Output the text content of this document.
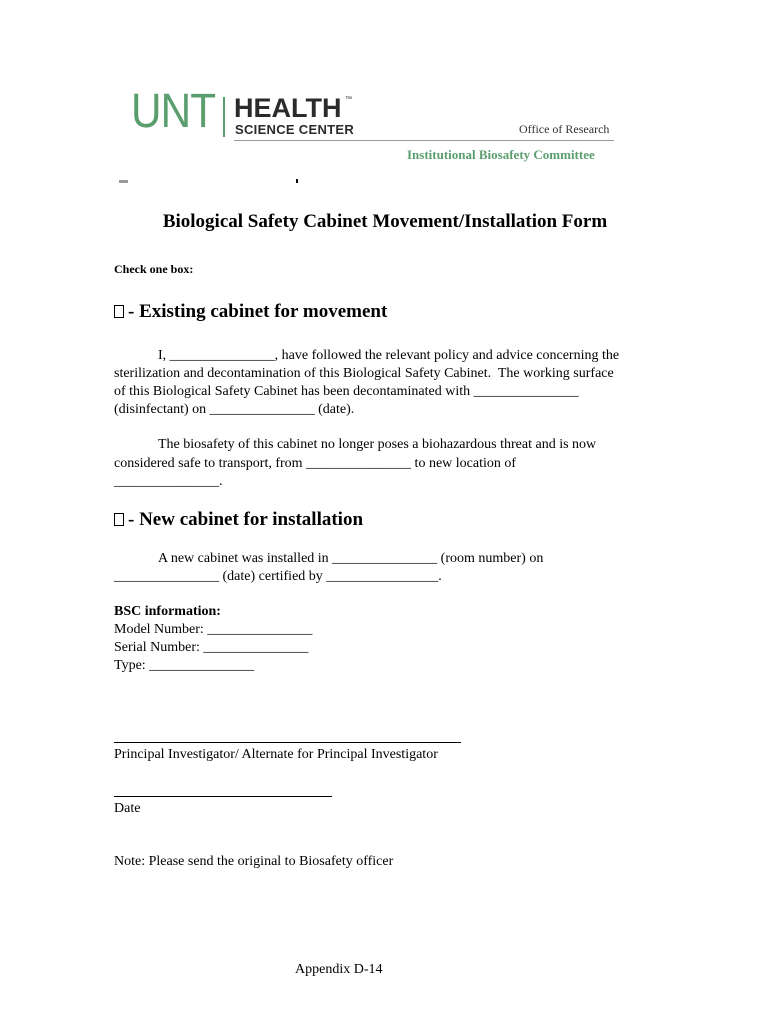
UNT HEALTH ™
SCIENCE CENTER	Office of Research
Institutional Biosafety Committee
Biological Safety Cabinet Movement/Installation Form
Check one box:
- Existing cabinet for movement
I, _______________, have followed the relevant policy and advice concerning the
sterilization and decontamination of this Biological Safety Cabinet.  The working surface
of this Biological Safety Cabinet has been decontaminated with _______________
(disinfectant) on _______________ (date).
The biosafety of this cabinet no longer poses a biohazardous threat and is now
considered safe to transport, from _______________ to new location of
_______________.
- New cabinet for installation
A new cabinet was installed in _______________ (room number) on
_______________ (date) certified by ________________.
BSC information:
Model Number: _______________
Serial Number: _______________
Type: _______________
Principal Investigator/ Alternate for Principal Investigator
Date
Note: Please send the original to Biosafety officer
Appendix D-14
